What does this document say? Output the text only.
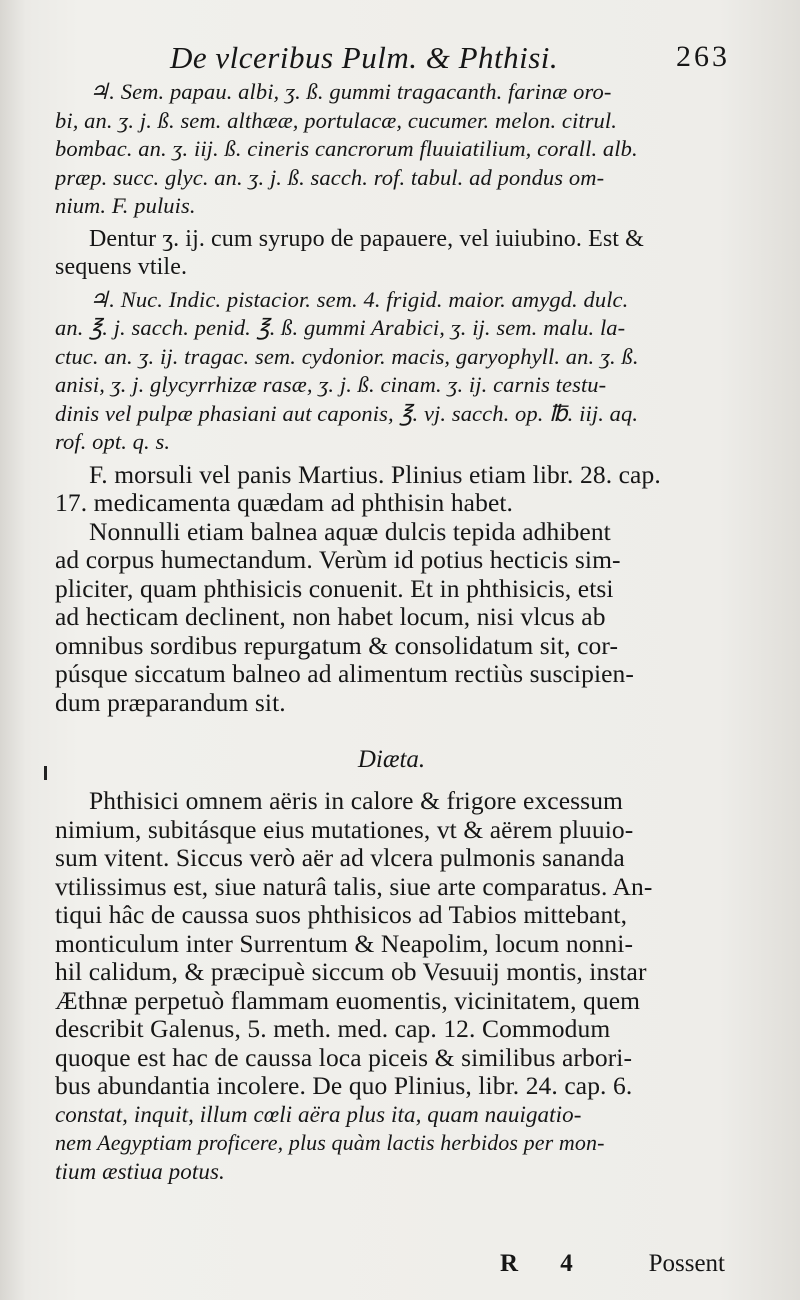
De vlceribus Pulm. & Phthisi.	263
♃. Sem. papau. albi, ʒ. ß. gummi tragacanth. farinæ oro-
bi, an. ʒ. j. ß. sem. althææ, portulacæ, cucumer. melon. citrul.
bombac. an. ʒ. iij. ß. cineris cancrorum fluuiatilium, corall. alb.
præp. succ. glyc. an. ʒ. j. ß. sacch. rof. tabul. ad pondus om-
nium. F. puluis.
Dentur ʒ. ij. cum syrupo de papauere, vel iuiubino. Est &
sequens vtile.
♃. Nuc. Indic. pistacior. sem. 4. frigid. maior. amygd. dulc.
an. ℥. j. sacch. penid. ℥. ß. gummi Arabici, ʒ. ij. sem. malu. la-
ctuc. an. ʒ. ij. tragac. sem. cydonior. macis, garyophyll. an. ʒ. ß.
anisi, ʒ. j. glycyrrhizæ rasæ, ʒ. j. ß. cinam. ʒ. ij. carnis testu-
dinis vel pulpæ phasiani aut caponis, ℥. vj. sacch. op. ℔. iij. aq.
rof. opt. q. s.
F. morsuli vel panis Martius. Plinius etiam libr. 28. cap.
17. medicamenta quædam ad phthisin habet.
Nonnulli etiam balnea aquæ dulcis tepida adhibent
ad corpus humectandum. Verùm id potius hecticis sim-
pliciter, quam phthisicis conuenit. Et in phthisicis, etsi
ad hecticam declinent, non habet locum, nisi vlcus ab
omnibus sordibus repurgatum & consolidatum sit, cor-
púsque siccatum balneo ad alimentum rectiùs suscipien-
dum præparandum sit.
Diæta.
Phthisici omnem aëris in calore & frigore excessum
nimium, subitásque eius mutationes, vt & aërem pluuio-
sum vitent. Siccus verò aër ad vlcera pulmonis sananda
vtilissimus est, siue naturâ talis, siue arte comparatus. An-
tiqui hâc de caussa suos phthisicos ad Tabios mittebant,
monticulum inter Surrentum & Neapolim, locum nonni-
hil calidum, & præcipuè siccum ob Vesuuij montis, instar
Æthnæ perpetuò flammam euomentis, vicinitatem, quem
describit Galenus, 5. meth. med. cap. 12. Commodum
quoque est hac de caussa loca piceis & similibus arbori-
bus abundantia incolere. De quo Plinius, libr. 24. cap. 6.
constat, inquit, illum cœli aëra plus ita, quam nauigatio-
nem Aegyptiam proficere, plus quàm lactis herbidos per mon-
tium æstiua potus.
R 4 Possent
